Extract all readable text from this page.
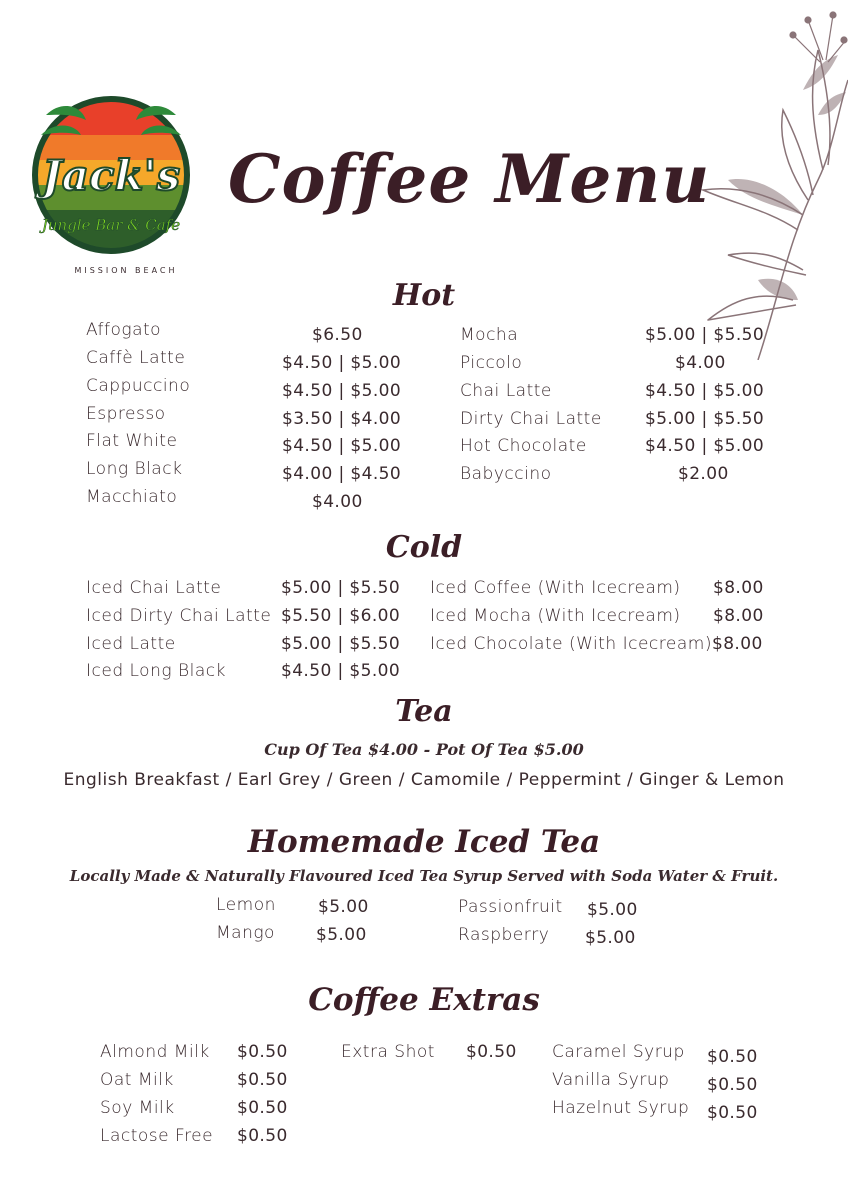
Jack's
Jungle Bar & Cafe
MISSION BEACH
Coffee Menu
Hot
Affogato	$6.50
Caffè Latte	$4.50 | $5.00
Cappuccino	$4.50 | $5.00
Espresso	$3.50 | $4.00
Flat White	$4.50 | $5.00
Long Black	$4.00 | $4.50
Macchiato	$4.00
Mocha	$5.00 | $5.50
Piccolo	$4.00
Chai Latte	$4.50 | $5.00
Dirty Chai Latte	$5.00 | $5.50
Hot Chocolate	$4.50 | $5.00
Babyccino	$2.00
Cold
Iced Chai Latte	$5.00 | $5.50
Iced Dirty Chai Latte $5.50 | $6.00
Iced Latte	$5.00 | $5.50
Iced Long Black	$4.50 | $5.00
Iced Coffee (With Icecream) $8.00
Iced Mocha (With Icecream) $8.00
Iced Chocolate (With Icecream) $8.00
Tea
Cup Of Tea $4.00 - Pot Of Tea $5.00
English Breakfast / Earl Grey / Green / Camomile / Peppermint / Ginger & Lemon
Homemade Iced Tea
Locally Made & Naturally Flavoured Iced Tea Syrup Served with Soda Water & Fruit.
Lemon $5.00
Mango $5.00
Passionfruit $5.00
Raspberry $5.00
Coffee Extras
Almond Milk $0.50
Oat Milk	$0.50
Soy Milk	$0.50
Lactose Free $0.50
Extra Shot $0.50 Caramel Syrup $0.50
Vanilla Syrup $0.50
Hazelnut Syrup $0.50
